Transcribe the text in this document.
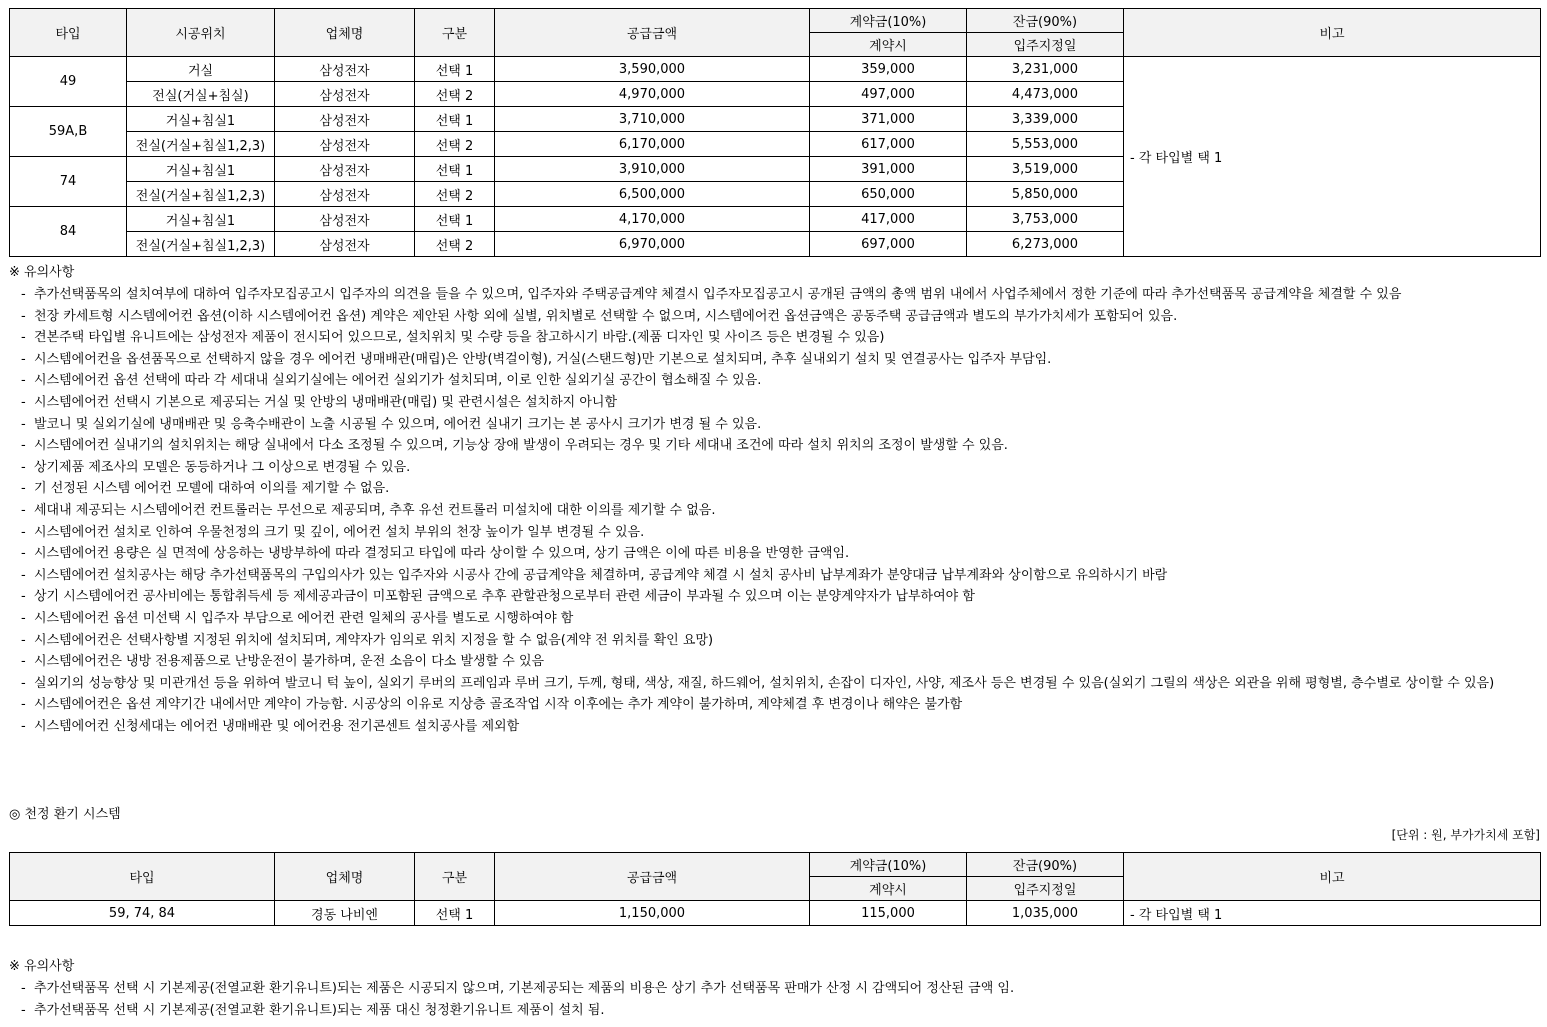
타입	시공위치	업체명	구분	공급금액	계약금(10%)	잔금(90%)	비고
					계약시	입주지정일	
49	거실	삼성전자	선택 1	3,590,000	359,000	3,231,000	- 각 타입별 택 1
	전실(거실+침실)	삼성전자	선택 2	4,970,000	497,000	4,473,000	
59A,B	거실+침실1	삼성전자	선택 1	3,710,000	371,000	3,339,000	
	전실(거실+침실1,2,3)	삼성전자	선택 2	6,170,000	617,000	5,553,000	
74	거실+침실1	삼성전자	선택 1	3,910,000	391,000	3,519,000	
	전실(거실+침실1,2,3)	삼성전자	선택 2	6,500,000	650,000	5,850,000	
84	거실+침실1	삼성전자	선택 1	4,170,000	417,000	3,753,000	
	전실(거실+침실1,2,3)	삼성전자	선택 2	6,970,000	697,000	6,273,000	
※ 유의사항
- 추가선택품목의 설치여부에 대하여 입주자모집공고시 입주자의 의견을 들을 수 있으며, 입주자와 주택공급계약 체결시 입주자모집공고시 공개된 금액의 총액 범위 내에서 사업주체에서 정한 기준에 따라 추가선택품목 공급계약을 체결할 수 있음
- 천장 카세트형 시스템에어컨 옵션(이하 시스템에어컨 옵션) 계약은 제안된 사항 외에 실별, 위치별로 선택할 수 없으며, 시스템에어컨 옵션금액은 공동주택 공급금액과 별도의 부가가치세가 포함되어 있음.
- 견본주택 타입별 유니트에는 삼성전자 제품이 전시되어 있으므로, 설치위치 및 수량 등을 참고하시기 바람.(제품 디자인 및 사이즈 등은 변경될 수 있음)
- 시스템에어컨을 옵션품목으로 선택하지 않을 경우 에어컨 냉매배관(매립)은 안방(벽걸이형), 거실(스탠드형)만 기본으로 설치되며, 추후 실내외기 설치 및 연결공사는 입주자 부담임.
- 시스템에어컨 옵션 선택에 따라 각 세대내 실외기실에는 에어컨 실외기가 설치되며, 이로 인한 실외기실 공간이 협소해질 수 있음.
- 시스템에어컨 선택시 기본으로 제공되는 거실 및 안방의 냉매배관(매립) 및 관련시설은 설치하지 아니함
- 발코니 및 실외기실에 냉매배관 및 응축수배관이 노출 시공될 수 있으며, 에어컨 실내기 크기는 본 공사시 크기가 변경 될 수 있음.
- 시스템에어컨 실내기의 설치위치는 해당 실내에서 다소 조정될 수 있으며, 기능상 장애 발생이 우려되는 경우 및 기타 세대내 조건에 따라 설치 위치의 조정이 발생할 수 있음.
- 상기제품 제조사의 모델은 동등하거나 그 이상으로 변경될 수 있음.
- 기 선정된 시스템 에어컨 모델에 대하여 이의를 제기할 수 없음.
- 세대내 제공되는 시스템에어컨 컨트롤러는 무선으로 제공되며, 추후 유선 컨트롤러 미설치에 대한 이의를 제기할 수 없음.
- 시스템에어컨 설치로 인하여 우물천정의 크기 및 깊이, 에어컨 설치 부위의 천장 높이가 일부 변경될 수 있음.
- 시스템에어컨 용량은 실 면적에 상응하는 냉방부하에 따라 결정되고 타입에 따라 상이할 수 있으며, 상기 금액은 이에 따른 비용을 반영한 금액임.
- 시스템에어컨 설치공사는 해당 추가선택품목의 구입의사가 있는 입주자와 시공사 간에 공급계약을 체결하며, 공급계약 체결 시 설치 공사비 납부계좌가 분양대금 납부계좌와 상이함으로 유의하시기 바람
- 상기 시스템에어컨 공사비에는 통합취득세 등 제세공과금이 미포함된 금액으로 추후 관할관청으로부터 관련 세금이 부과될 수 있으며 이는 분양계약자가 납부하여야 함
- 시스템에어컨 옵션 미선택 시 입주자 부담으로 에어컨 관련 일체의 공사를 별도로 시행하여야 함
- 시스템에어컨은 선택사항별 지정된 위치에 설치되며, 계약자가 임의로 위치 지정을 할 수 없음(계약 전 위치를 확인 요망)
- 시스템에어컨은 냉방 전용제품으로 난방운전이 불가하며, 운전 소음이 다소 발생할 수 있음
- 실외기의 성능향상 및 미관개선 등을 위하여 발코니 턱 높이, 실외기 루버의 프레임과 루버 크기, 두께, 형태, 색상, 재질, 하드웨어, 설치위치, 손잡이 디자인, 사양, 제조사 등은 변경될 수 있음(실외기 그릴의 색상은 외관을 위해 평형별, 층수별로 상이할 수 있음)
- 시스템에어컨은 옵션 계약기간 내에서만 계약이 가능함. 시공상의 이유로 지상층 골조작업 시작 이후에는 추가 계약이 불가하며, 계약체결 후 변경이나 해약은 불가함
- 시스템에어컨 신청세대는 에어컨 냉매배관 및 에어컨용 전기콘센트 설치공사를 제외함
◎ 천정 환기 시스템
[단위 : 원, 부가가치세 포함]
타입	업체명	구분	공급금액	계약금(10%)	잔금(90%)	비고
				계약시	입주지정일	
59, 74, 84	경동 나비엔	선택 1	1,150,000	115,000	1,035,000	- 각 타입별 택 1
※ 유의사항
- 추가선택품목 선택 시 기본제공(전열교환 환기유니트)되는 제품은 시공되지 않으며, 기본제공되는 제품의 비용은 상기 추가 선택품목 판매가 산정 시 감액되어 정산된 금액 임.
- 추가선택품목 선택 시 기본제공(전열교환 환기유니트)되는 제품 대신 청정환기유니트 제품이 설치 됨.
